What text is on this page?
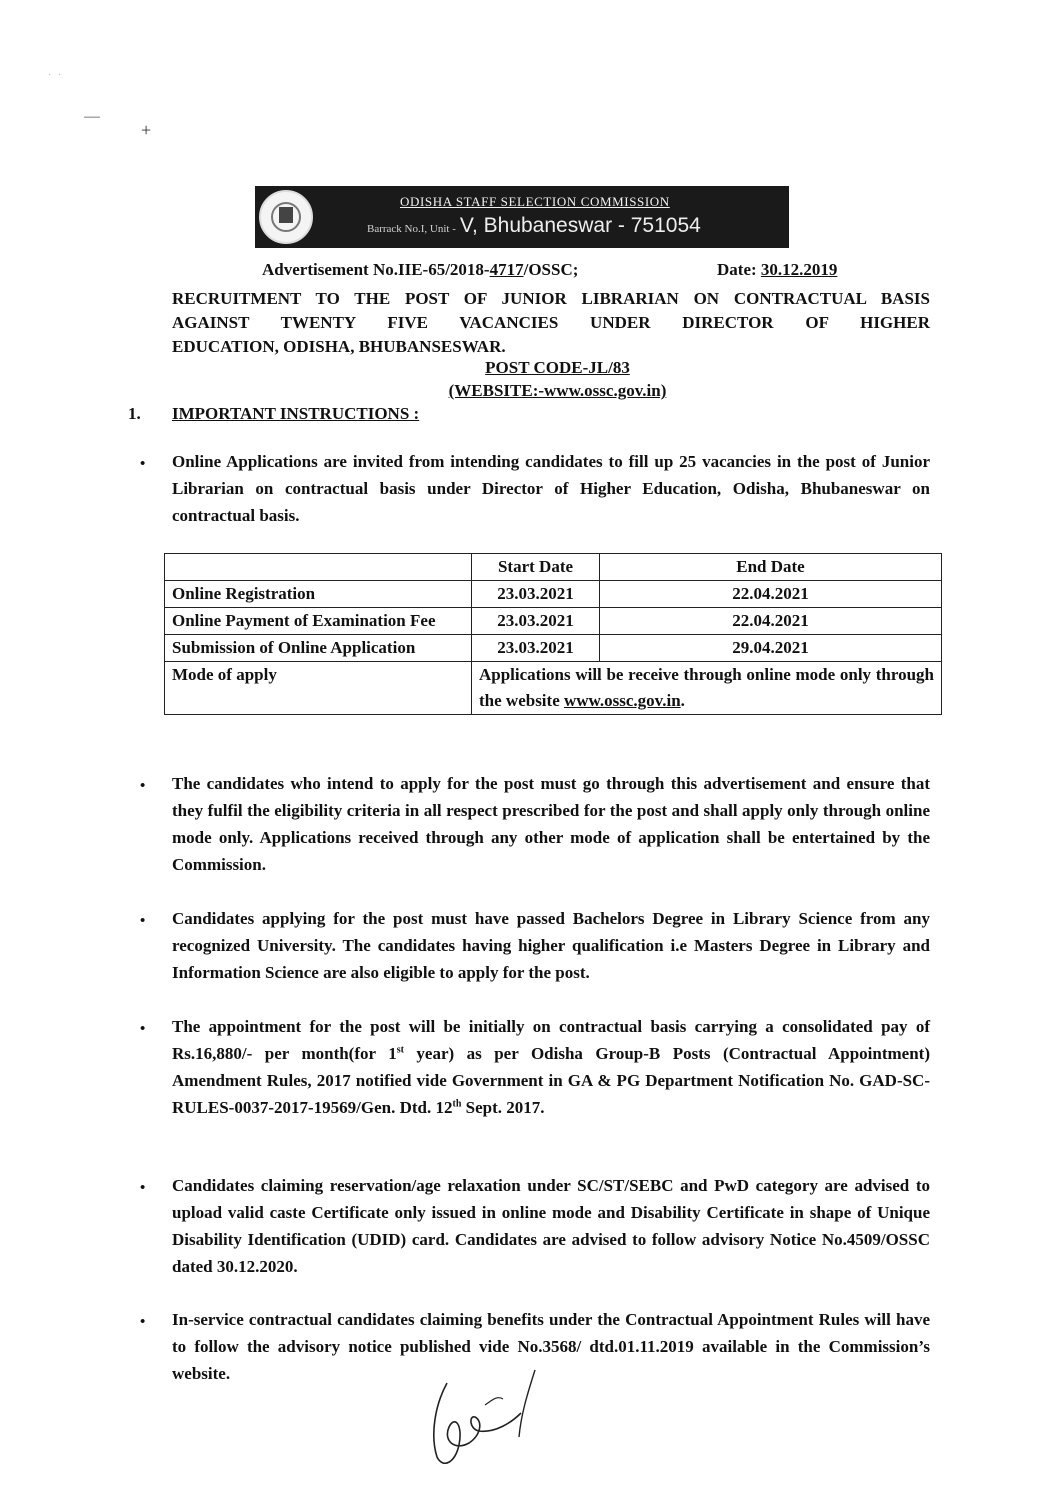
· ·
—
+
ODISHA STAFF SELECTION COMMISSION
Barrack No.I, Unit - V, Bhubaneswar - 751054
Advertisement No.IIE-65/2018-4717/OSSC;	Date: 30.12.2019
RECRUITMENT TO THE POST OF JUNIOR LIBRARIAN ON CONTRACTUAL BASIS
AGAINST TWENTY FIVE VACANCIES UNDER DIRECTOR OF HIGHER
EDUCATION, ODISHA, BHUBANSESWAR.
POST CODE-JL/83
(WEBSITE:-www.ossc.gov.in)
1. IMPORTANT INSTRUCTIONS :
• Online Applications are invited from intending candidates to fill up 25 vacancies in the post of Junior Librarian on contractual basis under Director of Higher Education, Odisha, Bhubaneswar on contractual basis.
	Start Date	End Date
Online Registration	23.03.2021	22.04.2021
Online Payment of Examination Fee	23.03.2021	22.04.2021
Submission of Online Application	23.03.2021	29.04.2021
Mode of apply	Applications will be receive through online mode only through the website www.ossc.gov.in.	
• The candidates who intend to apply for the post must go through this advertisement and ensure that they fulfil the eligibility criteria in all respect prescribed for the post and shall apply only through online mode only. Applications received through any other mode of application shall be entertained by the Commission.
• Candidates applying for the post must have passed Bachelors Degree in Library Science from any recognized University. The candidates having higher qualification i.e Masters Degree in Library and Information Science are also eligible to apply for the post.
• The appointment for the post will be initially on contractual basis carrying a consolidated pay of Rs.16,880/- per month(for 1st year) as per Odisha Group-B Posts (Contractual Appointment) Amendment Rules, 2017 notified vide Government in GA & PG Department Notification No. GAD-SC-RULES-0037-2017-19569/Gen. Dtd. 12th Sept. 2017.
• Candidates claiming reservation/age relaxation under SC/ST/SEBC and PwD category are advised to upload valid caste Certificate only issued in online mode and Disability Certificate in shape of Unique Disability Identification (UDID) card. Candidates are advised to follow advisory Notice No.4509/OSSC dated 30.12.2020.
• In-service contractual candidates claiming benefits under the Contractual Appointment Rules will have to follow the advisory notice published vide No.3568/ dtd.01.11.2019 available in the Commission’s website.
